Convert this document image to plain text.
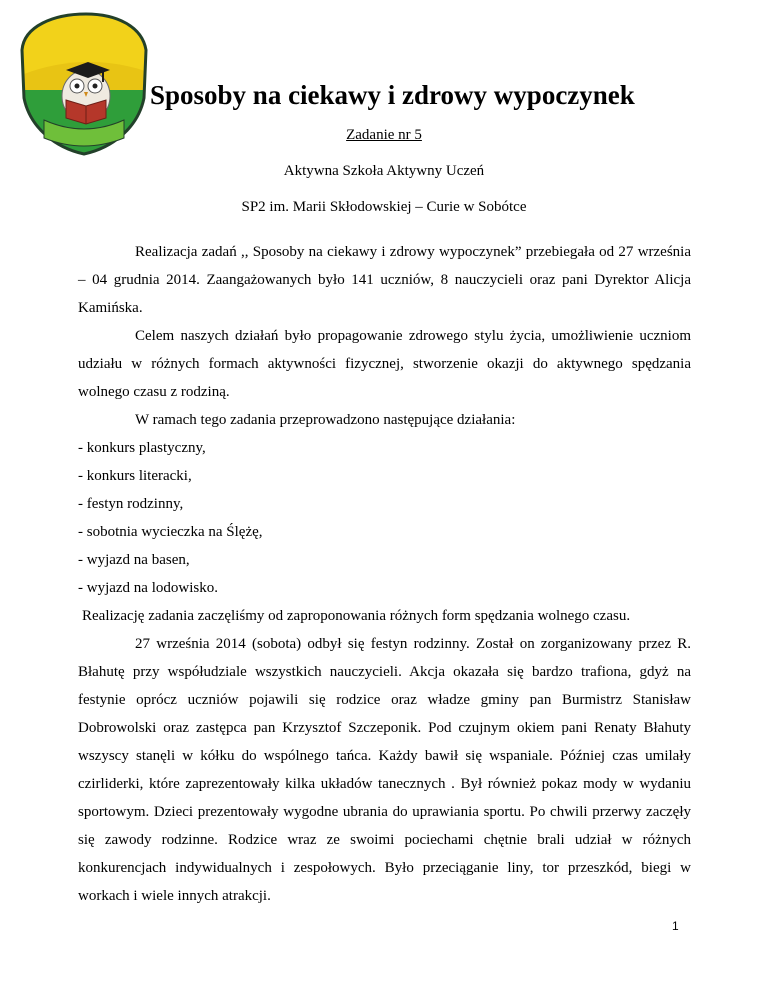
Sposoby na ciekawy i zdrowy wypoczynek
Zadanie nr 5
Aktywna Szkoła Aktywny Uczeń
SP2 im. Marii Skłodowskiej – Curie w Sobótce

Realizacja zadań ,, Sposoby na ciekawy i zdrowy wypoczynek” przebiegała od 27 września – 04 grudnia 2014. Zaangażowanych było 141 uczniów, 8 nauczycieli oraz pani Dyrektor Alicja Kamińska.

Celem naszych działań było propagowanie zdrowego stylu życia, umożliwienie uczniom udziału w różnych formach aktywności fizycznej, stworzenie okazji do aktywnego spędzania wolnego czasu z rodziną.

W ramach tego zadania przeprowadzono następujące działania:

- konkurs plastyczny,
- konkurs literacki,
- festyn rodzinny,
- sobotnia wycieczka na Ślężę,
- wyjazd na basen,
- wyjazd na lodowisko.

Realizację zadania zaczęliśmy od zaproponowania różnych form spędzania wolnego czasu.

27 września 2014 (sobota) odbył się festyn rodzinny. Został on zorganizowany przez R. Błahutę przy współudziale wszystkich nauczycieli. Akcja okazała się bardzo trafiona, gdyż na festynie oprócz uczniów pojawili się rodzice oraz władze gminy pan Burmistrz Stanisław Dobrowolski oraz zastępca pan Krzysztof Szczeponik. Pod czujnym okiem pani Renaty Błahuty wszyscy stanęli w kółku do wspólnego tańca. Każdy bawił się wspaniale. Później czas umilały czirliderki, które zaprezentowały kilka układów tanecznych . Był również pokaz mody w wydaniu sportowym. Dzieci prezentowały wygodne ubrania do uprawiania sportu. Po chwili przerwy zaczęły się zawody rodzinne. Rodzice wraz ze swoimi pociechami chętnie brali udział w różnych konkurencjach indywidualnych i zespołowych. Było przeciąganie liny, tor przeszkód, biegi w workach i wiele innych atrakcji.

1
